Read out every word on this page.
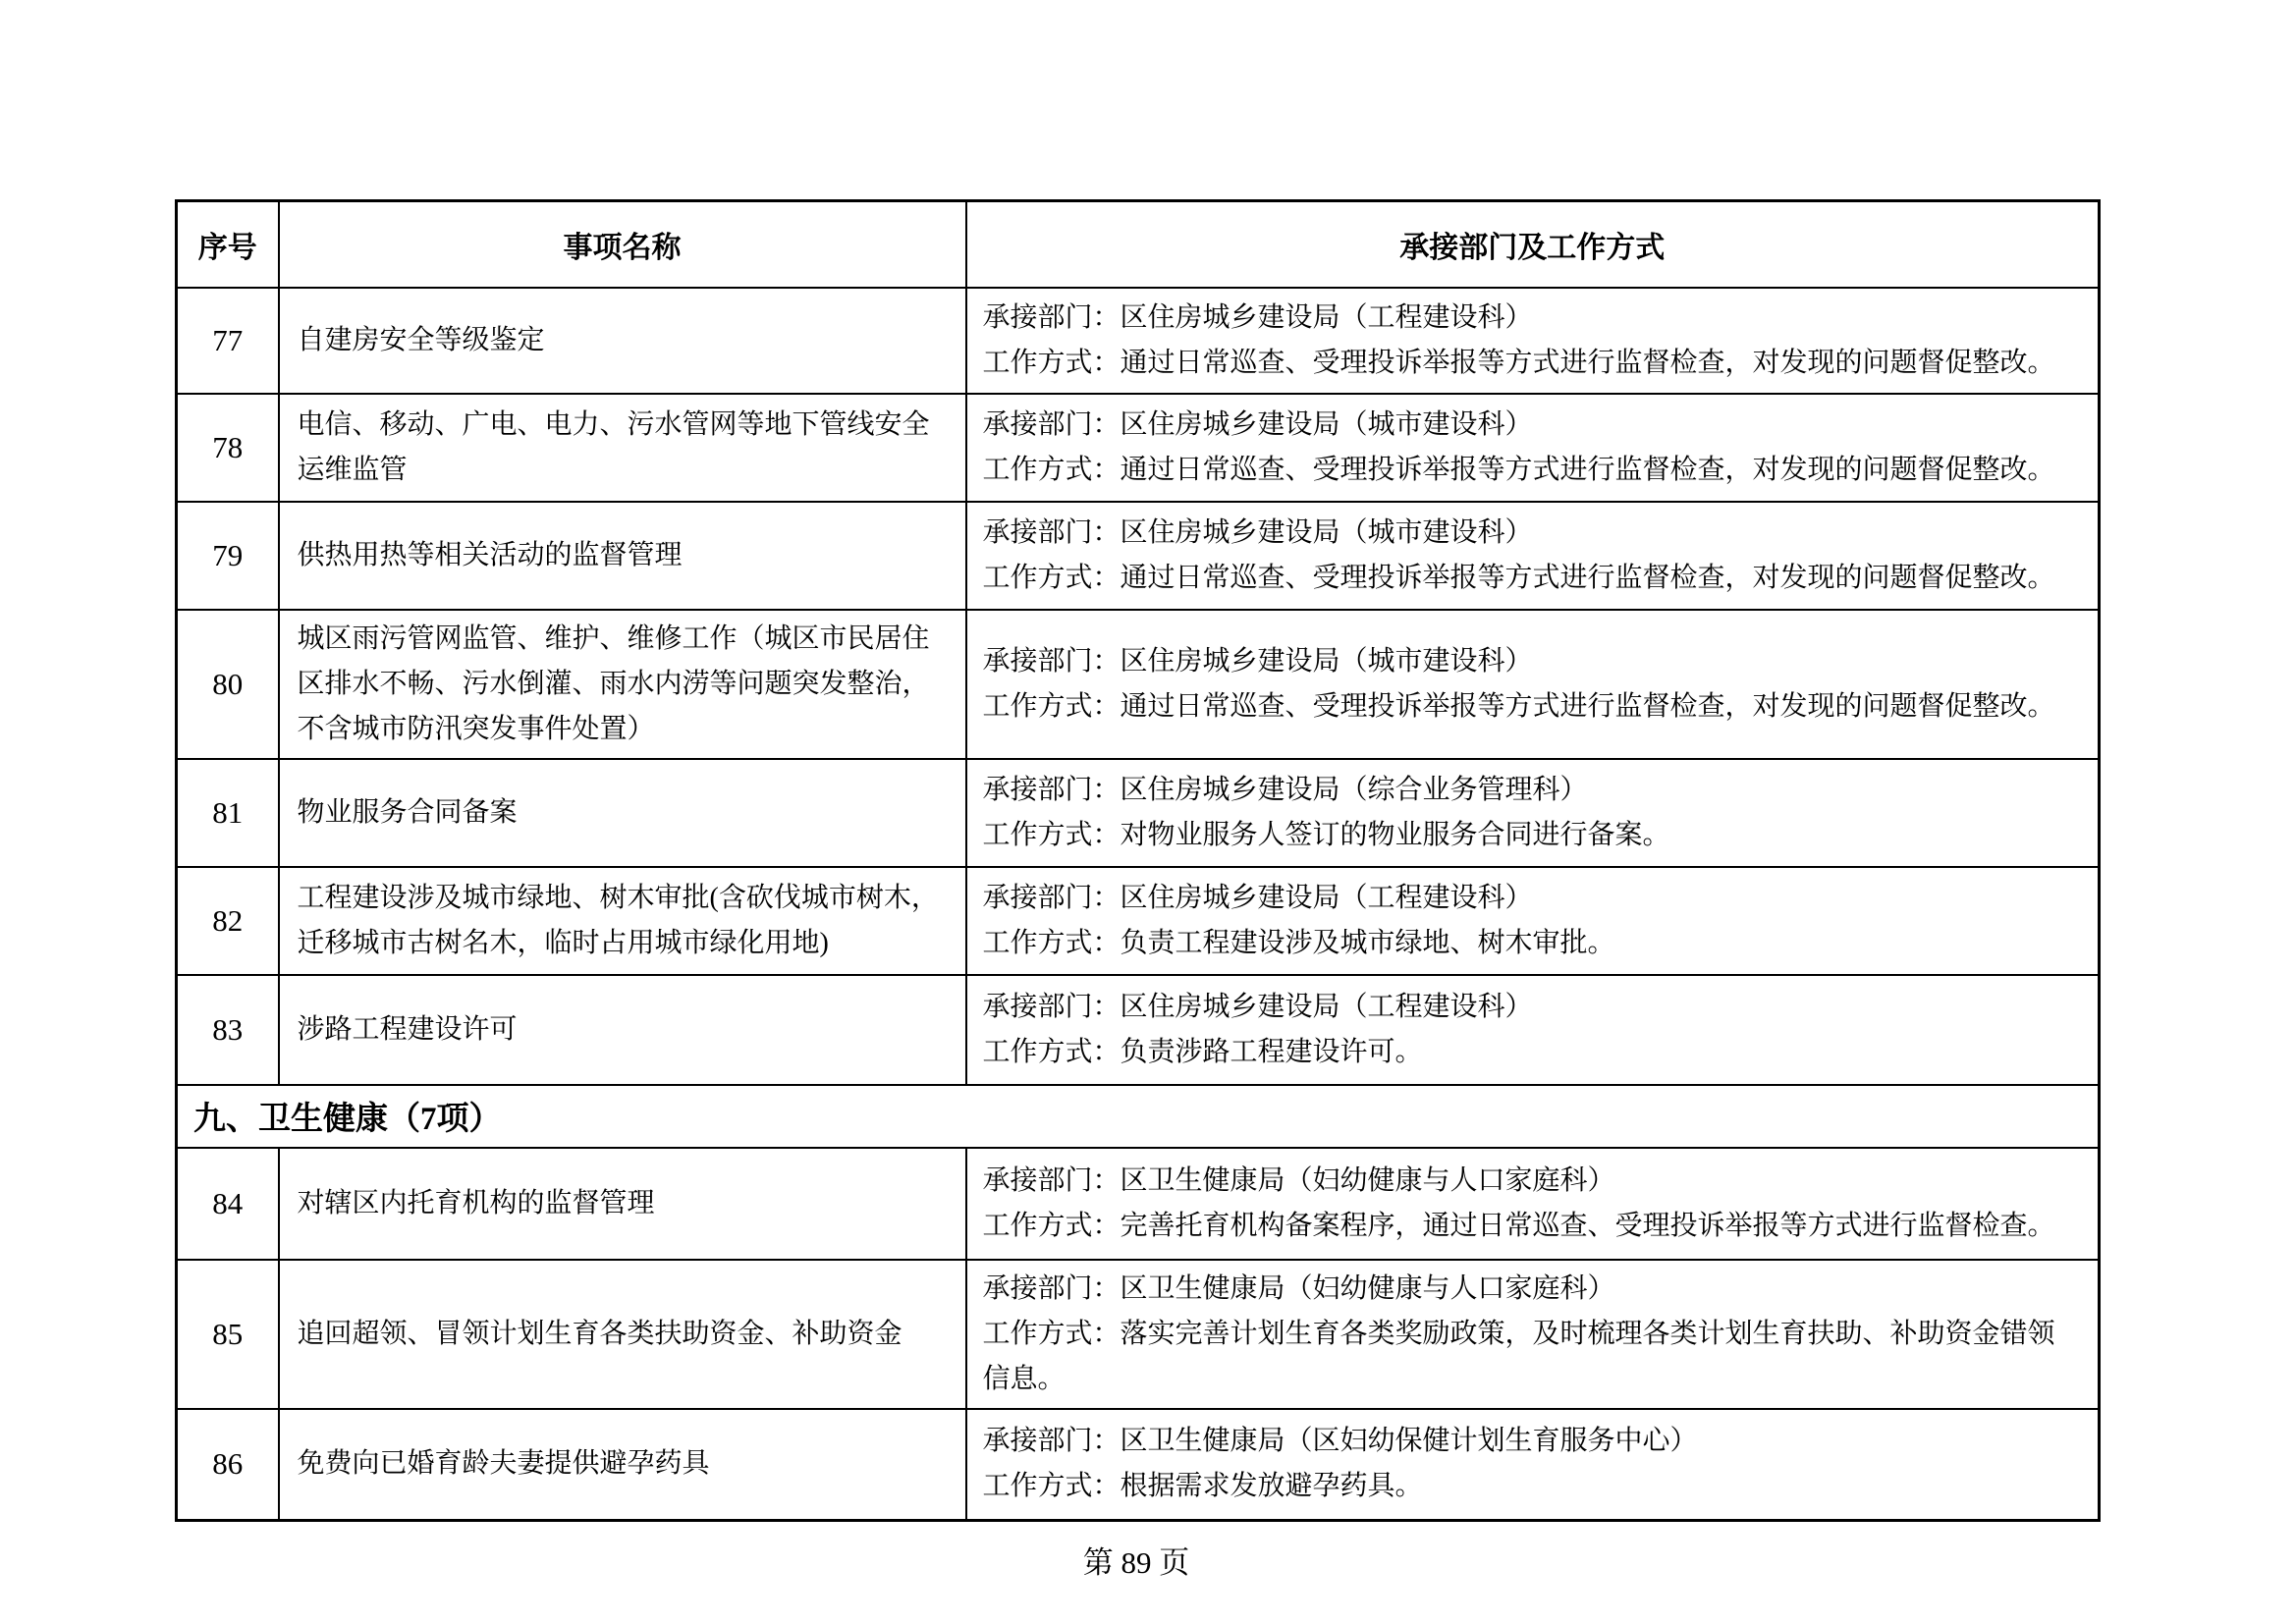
序号	事项名称	承接部门及工作方式
77	自建房安全等级鉴定	承接部门：区住房城乡建设局（工程建设科）
工作方式：通过日常巡查、受理投诉举报等方式进行监督检查，对发现的问题督促整改。

78	电信、移动、广电、电力、污水管网等地下管线安全运维监管	承接部门：区住房城乡建设局（城市建设科）
工作方式：通过日常巡查、受理投诉举报等方式进行监督检查，对发现的问题督促整改。

79	供热用热等相关活动的监督管理	承接部门：区住房城乡建设局（城市建设科）
工作方式：通过日常巡查、受理投诉举报等方式进行监督检查，对发现的问题督促整改。

80	城区雨污管网监管、维护、维修工作（城区市民居住区排水不畅、污水倒灌、雨水内涝等问题突发整治，不含城市防汛突发事件处置）	承接部门：区住房城乡建设局（城市建设科）
工作方式：通过日常巡查、受理投诉举报等方式进行监督检查，对发现的问题督促整改。

81	物业服务合同备案	承接部门：区住房城乡建设局（综合业务管理科）
工作方式：对物业服务人签订的物业服务合同进行备案。

82	工程建设涉及城市绿地、树木审批(含砍伐城市树木，迁移城市古树名木，临时占用城市绿化用地)	承接部门：区住房城乡建设局（工程建设科）
工作方式：负责工程建设涉及城市绿地、树木审批。

83	涉路工程建设许可	承接部门：区住房城乡建设局（工程建设科）
工作方式：负责涉路工程建设许可。

九、卫生健康（7项）		
84	对辖区内托育机构的监督管理	承接部门：区卫生健康局（妇幼健康与人口家庭科）
工作方式：完善托育机构备案程序，通过日常巡查、受理投诉举报等方式进行监督检查。

85	追回超领、冒领计划生育各类扶助资金、补助资金	承接部门：区卫生健康局（妇幼健康与人口家庭科）
工作方式：落实完善计划生育各类奖励政策，及时梳理各类计划生育扶助、补助资金错领信息。

86	免费向已婚育龄夫妻提供避孕药具	承接部门：区卫生健康局（区妇幼保健计划生育服务中心）
工作方式：根据需求发放避孕药具。
第 89 页
